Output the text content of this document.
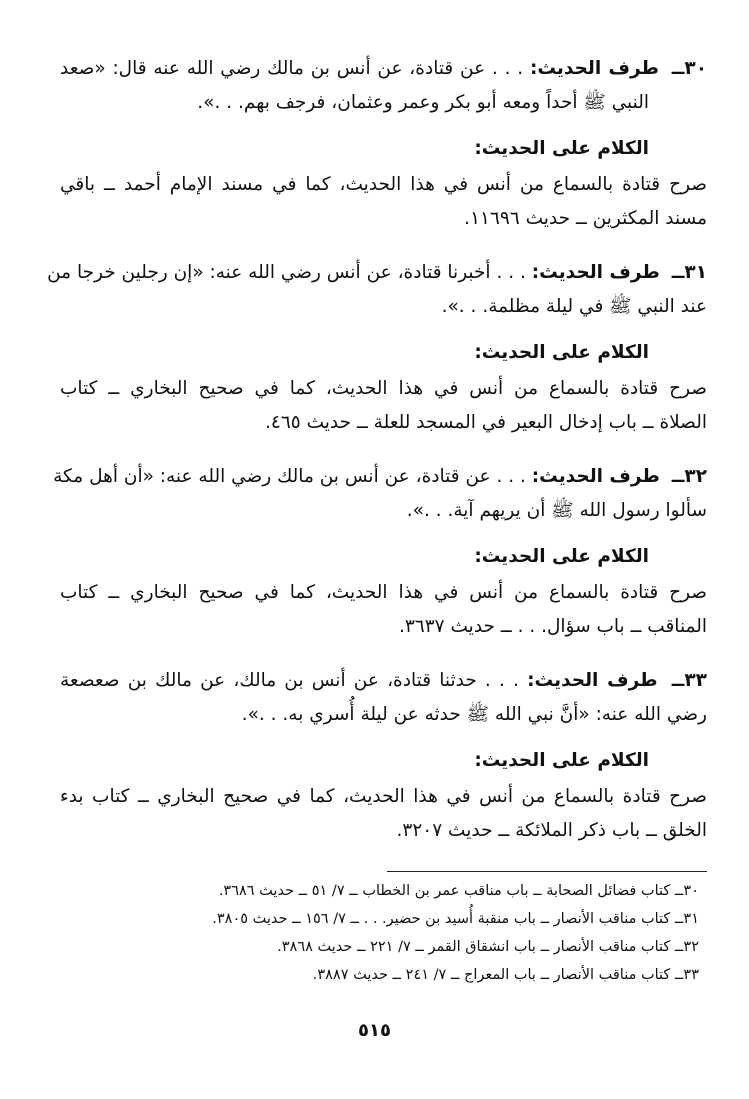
٣٠ــ طرف الحديث: . . . عن قتادة، عن أنس بن مالك رضي الله عنه قال: «صعد
النبي ﷺ أحداً ومعه أبو بكر وعمر وعثمان، فرجف بهم. . .».
الكلام على الحديث:
صرح قتادة بالسماع من أنس في هذا الحديث، كما في مسند الإمام أحمد ــ باقي
مسند المكثرين ــ حديث ١١٦٩٦.
٣١ــ طرف الحديث: . . . أخبرنا قتادة، عن أنس رضي الله عنه: «إن رجلين خرجا من
عند النبي ﷺ في ليلة مظلمة. . .».
الكلام على الحديث:
صرح قتادة بالسماع من أنس في هذا الحديث، كما في صحيح البخاري ــ كتاب
الصلاة ــ باب إدخال البعير في المسجد للعلة ــ حديث ٤٦٥.
٣٢ــ طرف الحديث: . . . عن قتادة، عن أنس بن مالك رضي الله عنه: «أن أهل مكة
سألوا رسول الله ﷺ أن يريهم آية. . .».
الكلام على الحديث:
صرح قتادة بالسماع من أنس في هذا الحديث، كما في صحيح البخاري ــ كتاب
المناقب ــ باب سؤال. . . ــ حديث ٣٦٣٧.
٣٣ــ طرف الحديث: . . . حدثنا قتادة، عن أنس بن مالك، عن مالك بن صعصعة
رضي الله عنه: «أنَّ نبي الله ﷺ حدثه عن ليلة أُسري به. . .».
الكلام على الحديث:
صرح قتادة بالسماع من أنس في هذا الحديث، كما في صحيح البخاري ــ كتاب بدء
الخلق ــ باب ذكر الملائكة ــ حديث ٣٢٠٧.
٣٠ــ كتاب فضائل الصحابة ــ باب مناقب عمر بن الخطاب ــ ٧/ ٥١ ــ حديث ٣٦٨٦.
٣١ــ كتاب مناقب الأنصار ــ باب منقبة أُسيد بن حضير. . . ــ ٧/ ١٥٦ ــ حديث ٣٨٠٥.
٣٢ــ كتاب مناقب الأنصار ــ باب انشقاق القمر ــ ٧/ ٢٢١ ــ حديث ٣٨٦٨.
٣٣ــ كتاب مناقب الأنصار ــ باب المعراج ــ ٧/ ٢٤١ ــ حديث ٣٨٨٧.
٥١٥
